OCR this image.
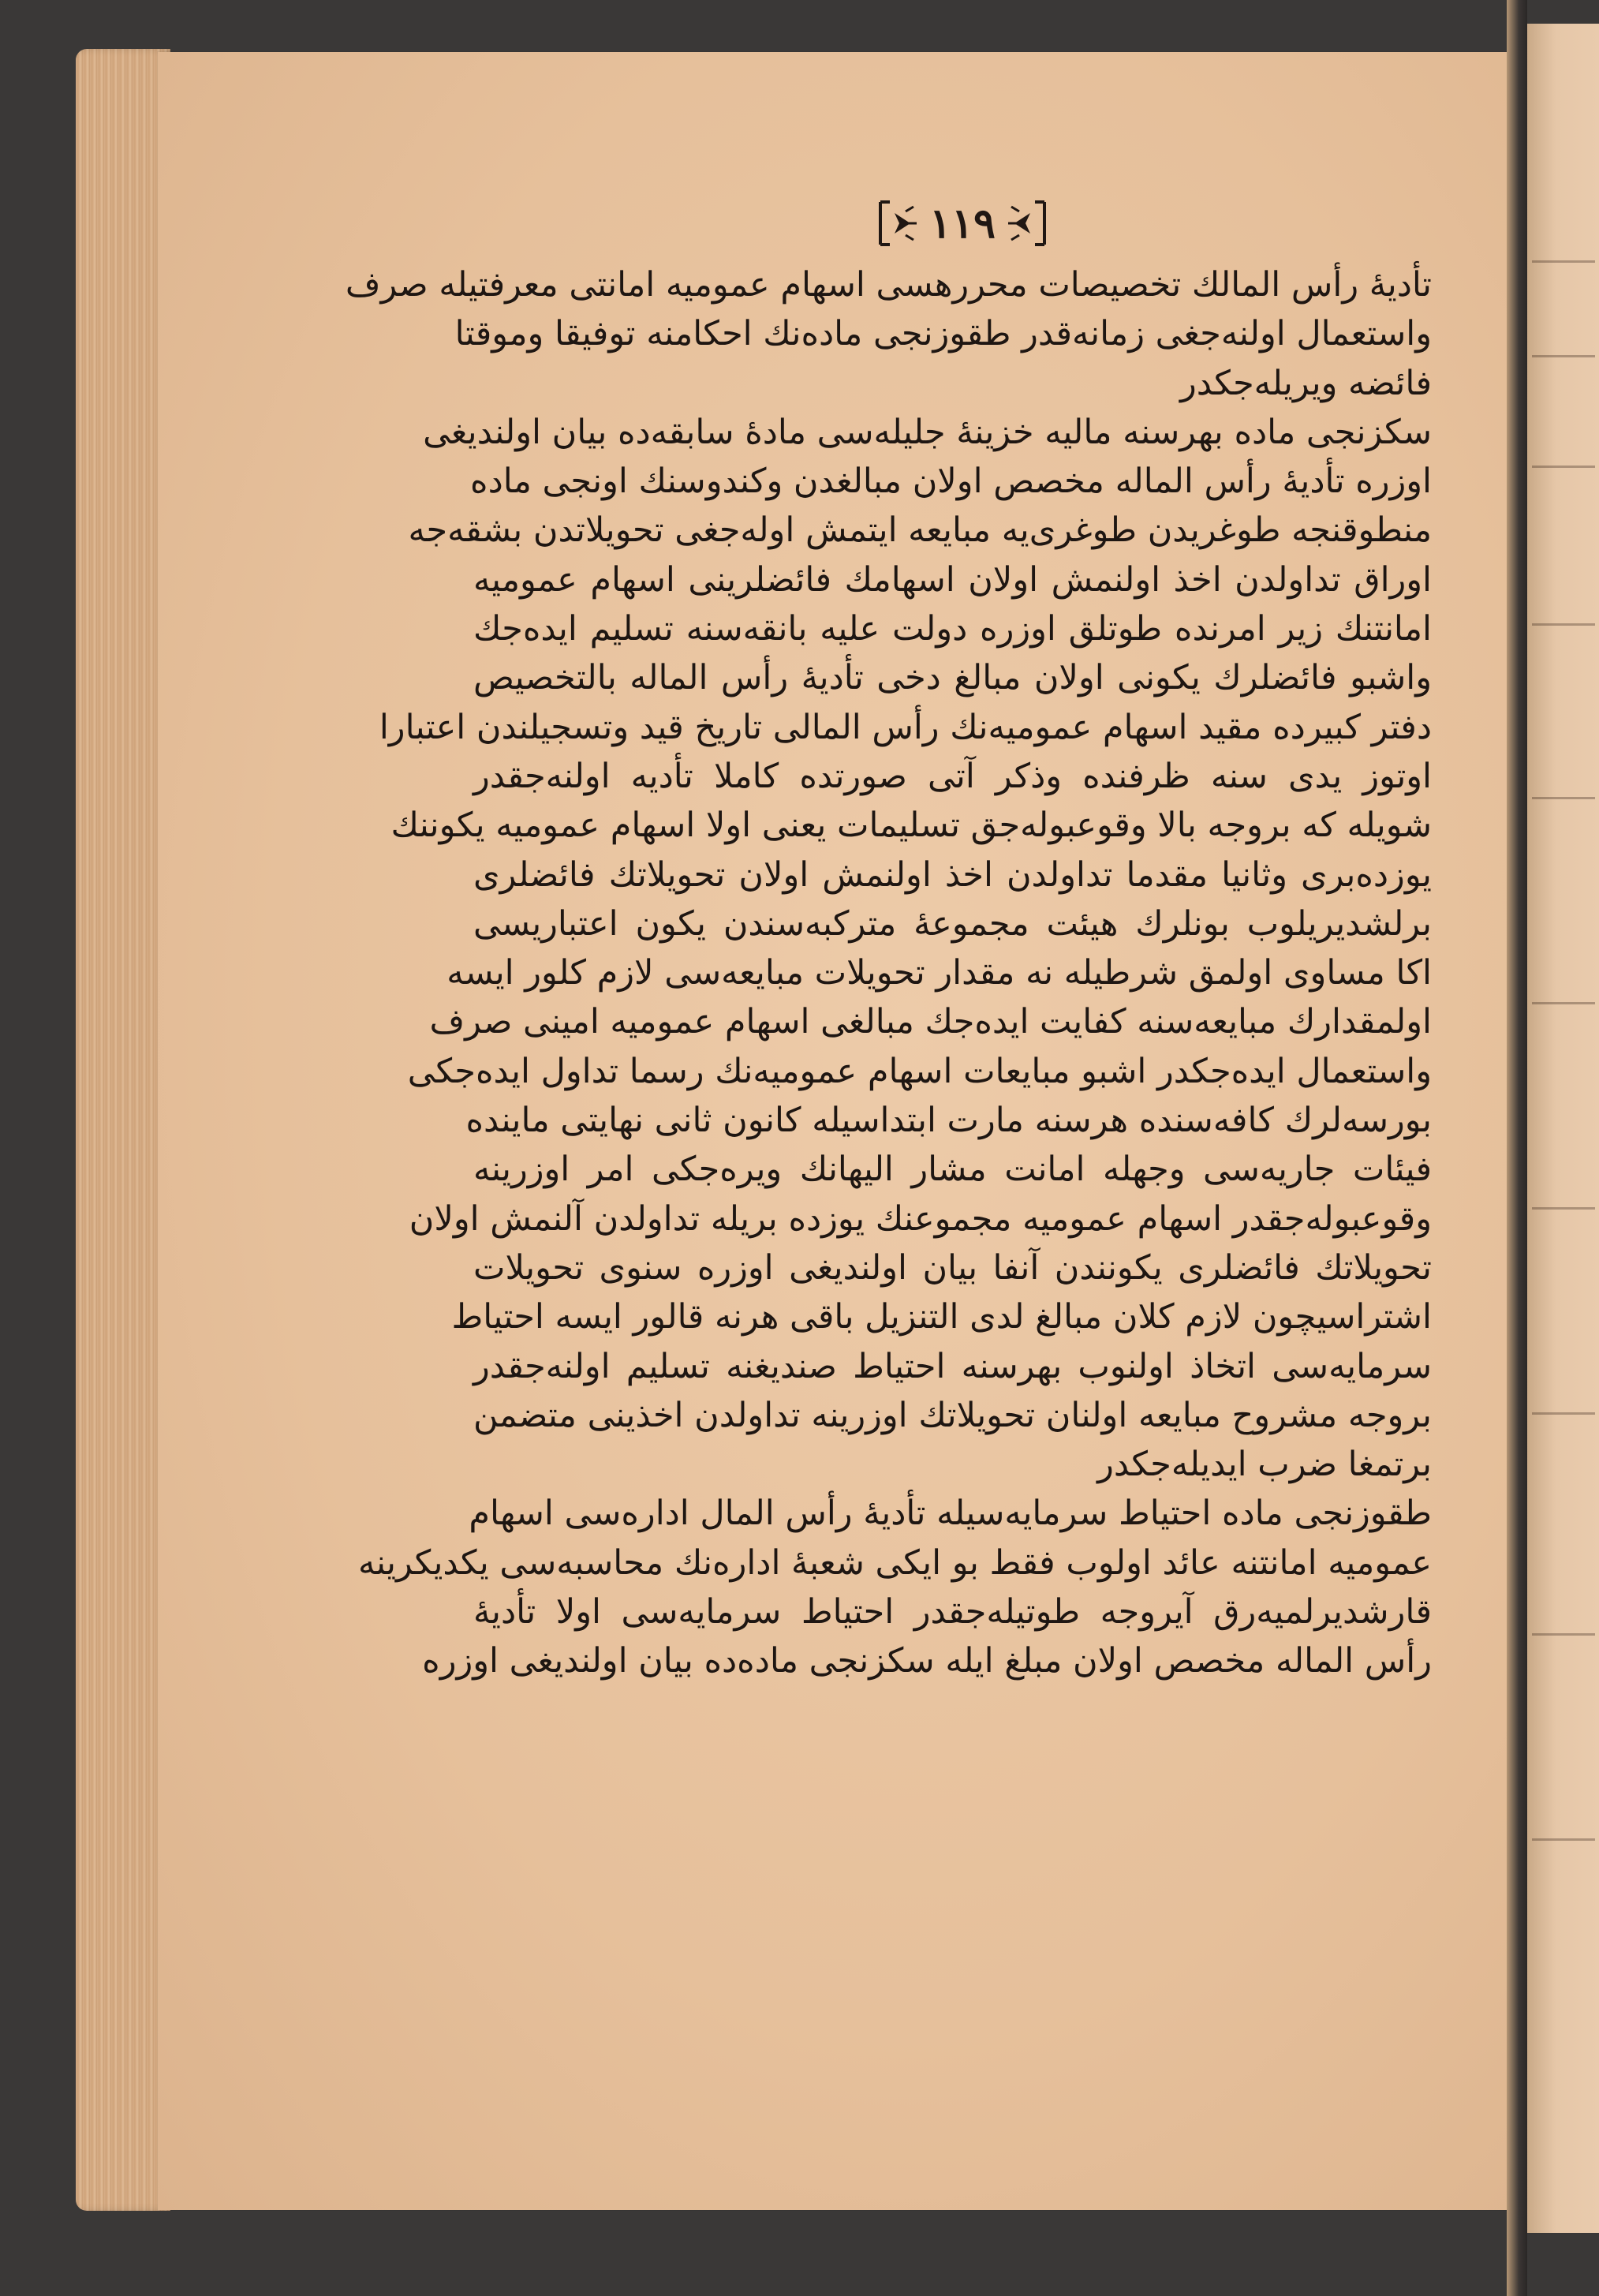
١١٩
تأديهٔ رأس المالك تخصيصات محررهسى اسهام عموميه امانتى معرفتيله صرف
واستعمال اولنه‌جغى زمانه‌قدر طقوزنجى ماده‌نك احكامنه توفيقا وموقتا
فائضه ويريله‌جكدر
سكزنجى ماده بهرسنه ماليه خزينهٔ جليله‌سى مادهٔ سابقه‌ده بيان اولنديغى
اوزره تأديهٔ رأس الماله مخصص اولان مبالغدن وكندوسنك اونجى ماده
منطوقنجه طوغريدن طوغرى‌يه مبايعه ايتمش اوله‌جغى تحويلاتدن بشقه‌جه
اوراق تداولدن اخذ اولنمش اولان اسهامك فائضلرينى اسهام عموميه
امانتنك زير امرنده طوتلق اوزره دولت عليه بانقه‌سنه تسليم ايده‌جك
واشبو فائضلرك يكونى اولان مبالغ دخى تأديهٔ رأس الماله بالتخصيص
دفتر كبيرده مقيد اسهام عموميه‌نك رأس المالى تاريخ قيد وتسجيلندن اعتبارا
اوتوز يدى سنه ظرفنده وذكر آتى صورتده كاملا تأديه اولنه‌جقدر
شويله كه بروجه بالا وقوعبوله‌جق تسليمات يعنى اولا اسهام عموميه يكوننك
يوزده‌برى وثانيا مقدما تداولدن اخذ اولنمش اولان تحويلاتك فائضلرى
برلشديريلوب بونلرك هيئت مجموعهٔ متركبه‌سندن يكون اعتباريسى
اكا مساوى اولمق شرطيله نه مقدار تحويلات مبايعه‌سى لازم كلور ايسه
اولمقدارك مبايعه‌سنه كفايت ايده‌جك مبالغى اسهام عموميه امينى صرف
واستعمال ايده‌جكدر اشبو مبايعات اسهام عموميه‌نك رسما تداول ايده‌جكى
بورسه‌لرك كافه‌سنده هرسنه مارت ابتداسيله كانون ثانى نهايتى ماينده
فيئات جاريه‌سى وجهله امانت مشار اليهانك ويره‌جكى امر اوزرينه
وقوعبوله‌جقدر اسهام عموميه مجموعنك يوزده بريله تداولدن آلنمش اولان
تحويلاتك فائضلرى يكونندن آنفا بيان اولنديغى اوزره سنوى تحويلات
اشتراسيچون لازم كلان مبالغ لدى التنزيل باقى هرنه قالور ايسه احتياط
سرمايه‌سى اتخاذ اولنوب بهرسنه احتياط صنديغنه تسليم اولنه‌جقدر
بروجه مشروح مبايعه اولنان تحويلاتك اوزرينه تداولدن اخذينى متضمن
برتمغا ضرب ايديله‌جكدر
طقوزنجى ماده احتياط سرمايه‌سيله تأديهٔ رأس المال اداره‌سى اسهام
عموميه امانتنه عائد اولوب فقط بو ايكى شعبهٔ اداره‌نك محاسبه‌سى يكديكرينه
قارشديرلميه‌رق آيروجه طوتيله‌جقدر احتياط سرمايه‌سى اولا تأديهٔ
رأس الماله مخصص اولان مبلغ ايله سكزنجى ماده‌ده بيان اولنديغى اوزره
